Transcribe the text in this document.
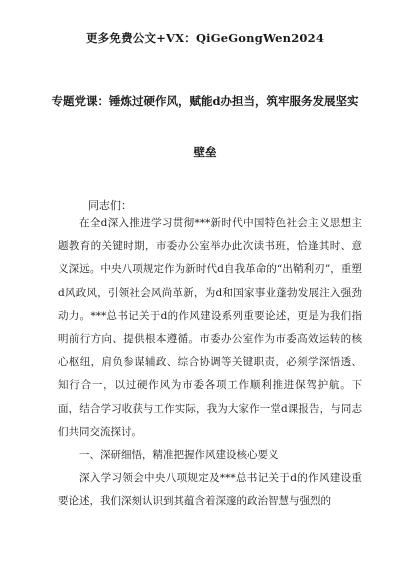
更多免费公文+VX：QiGeGongWen2024
专题党课：锤炼过硬作风，赋能d办担当，筑牢服务发展坚实
壁垒
同志们：

在全d深入推进学习贯彻***新时代中国特色社会主义思想主题教育的关键时期，市委办公室举办此次读书班，恰逢其时、意义深远。中央八项规定作为新时代d自我革命的“出鞘利刃”，重塑d风政风，引领社会风尚革新，为d和国家事业蓬勃发展注入强劲动力。***总书记关于d的作风建设系列重要论述，更是为我们指明前行方向、提供根本遵循。市委办公室作为市委高效运转的核心枢纽，肩负参谋辅政、综合协调等关键职责，必须学深悟透、知行合一，以过硬作风为市委各项工作顺利推进保驾护航。下面，结合学习收获与工作实际，我为大家作一堂d课报告，与同志们共同交流探讨。

一、深研细悟，精准把握作风建设核心要义

深入学习领会中央八项规定及***总书记关于d的作风建设重要论述，我们深刻认识到其蕴含着深邃的政治智慧与强烈的
